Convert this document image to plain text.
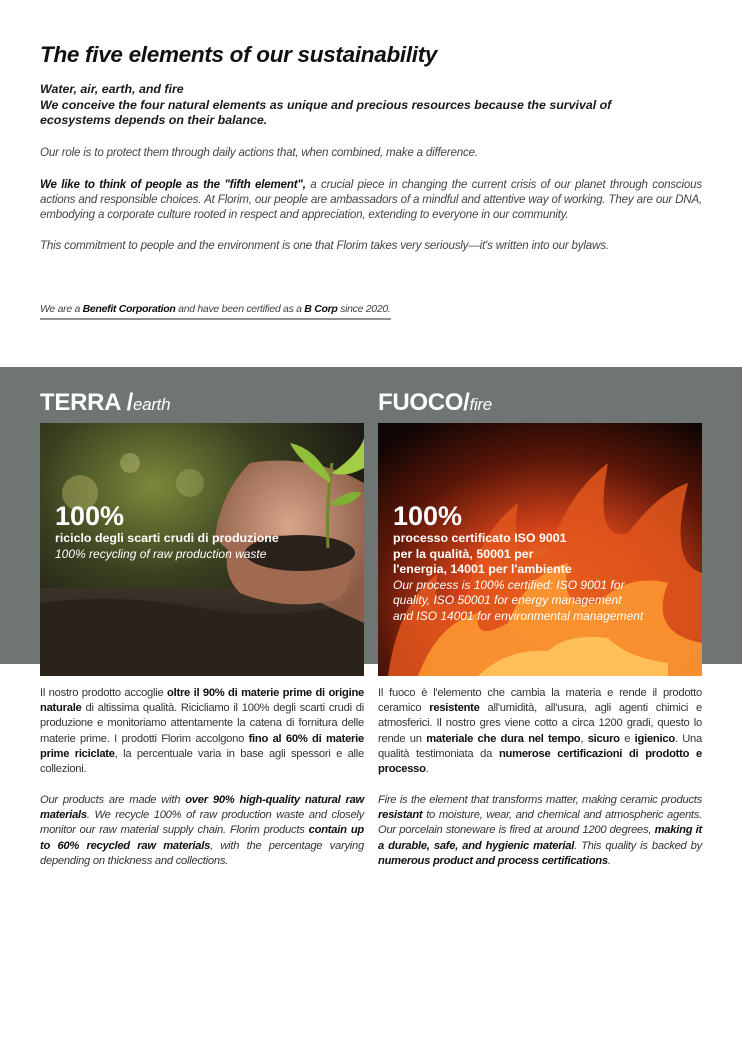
The five elements of our sustainability
Water, air, earth, and fire
We conceive the four natural elements as unique and precious resources because the survival of
ecosystems depends on their balance.
Our role is to protect them through daily actions that, when combined, make a difference.
We like to think of people as the "fifth element", a crucial piece in changing the current crisis of our planet through conscious actions and responsible choices. At Florim, our people are ambassadors of a mindful and attentive way of working. They are our DNA, embodying a corporate culture rooted in respect and appreciation, extending to everyone in our community.
This commitment to people and the environment is one that Florim takes very seriously—it's written into our bylaws.
We are a Benefit Corporation and have been certified as a B Corp since 2020.
TERRA /earth	FUOCO/fire
100%
riciclo degli scarti crudi di produzione
100% recycling of raw production waste
100%
processo certificato ISO 9001
per la qualità, 50001 per
l'energia, 14001 per l'ambiente
Our process is 100% certified: ISO 9001 for
quality, ISO 50001 for energy management
and ISO 14001 for environmental management
Il nostro prodotto accoglie oltre il 90% di materie prime di origine naturale di altissima qualità. Ricicliamo il 100% degli scarti crudi di produzione e monitoriamo attentamente la catena di fornitura delle materie prime. I prodotti Florim accolgono fino al 60% di materie prime riciclate, la percentuale varia in base agli spessori e alle collezioni.
Our products are made with over 90% high-quality natural raw materials. We recycle 100% of raw production waste and closely monitor our raw material supply chain. Florim products contain up to 60% recycled raw materials, with the percentage varying depending on thickness and collections.
Il fuoco è l'elemento che cambia la materia e rende il prodotto ceramico resistente all'umidità, all'usura, agli agenti chimici e atmosferici. Il nostro gres viene cotto a circa 1200 gradi, questo lo rende un materiale che dura nel tempo, sicuro e igienico. Una qualità testimoniata da numerose certificazioni di prodotto e processo.
Fire is the element that transforms matter, making ceramic products resistant to moisture, wear, and chemical and atmospheric agents. Our porcelain stoneware is fired at around 1200 degrees, making it a durable, safe, and hygienic material. This quality is backed by numerous product and process certifications.
